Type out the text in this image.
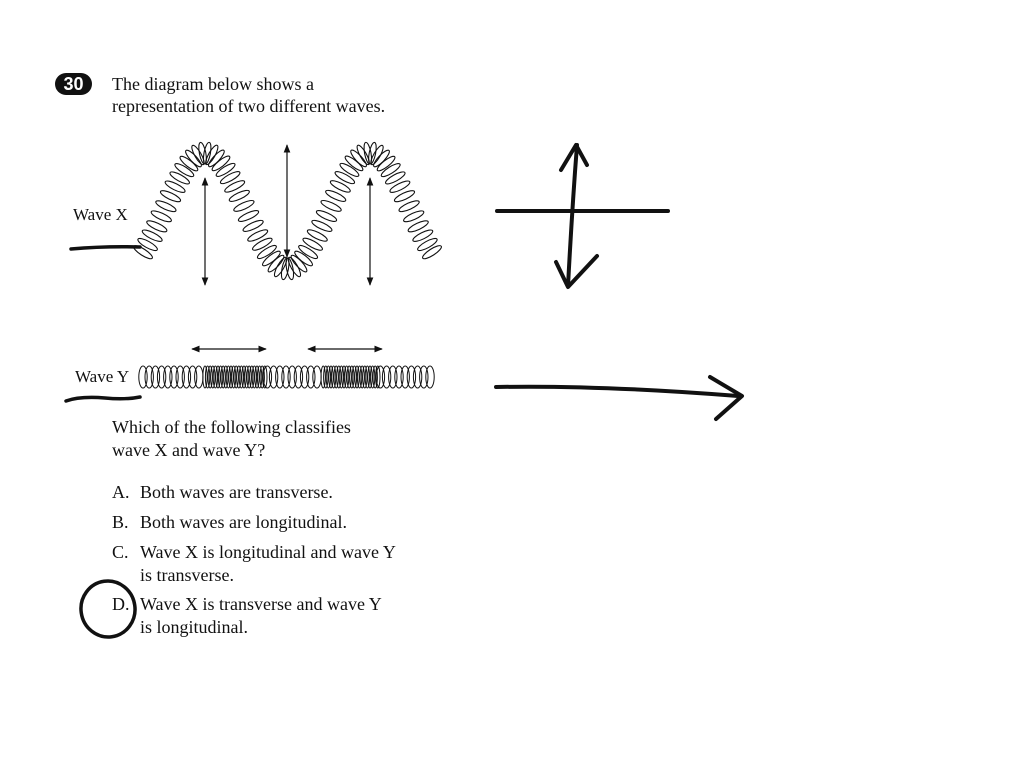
30	The diagram below shows a
representation of two different waves.
Wave X
Wave Y
Which of the following classifies
wave X and wave Y?
A. Both waves are transverse.
B. Both waves are longitudinal.
C. Wave X is longitudinal and wave Y
is transverse.
D. Wave X is transverse and wave Y
is longitudinal.
